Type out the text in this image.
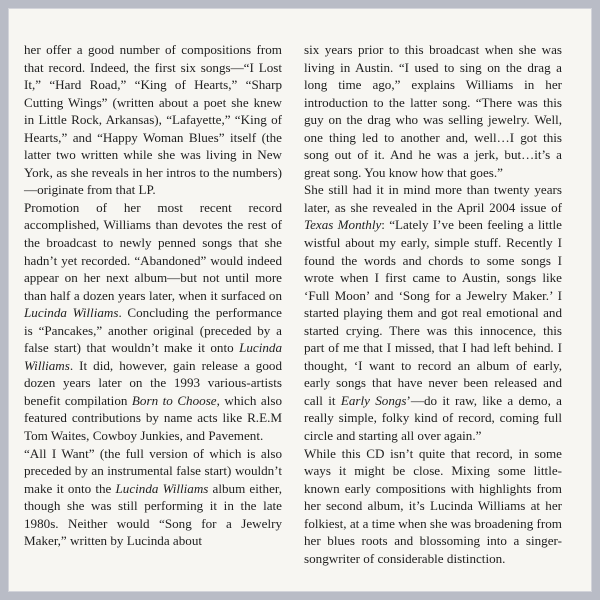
her offer a good number of compositions from that record. Indeed, the first six songs—“I Lost It,” “Hard Road,” “King of Hearts,” “Sharp Cutting Wings” (written about a poet she knew in Little Rock, Arkansas), “Lafayette,” “King of Hearts,” and “Happy Woman Blues” itself (the latter two written while she was living in New York, as she reveals in her intros to the numbers)—originate from that LP.

Promotion of her most recent record accomplished, Williams than devotes the rest of the broadcast to newly penned songs that she hadn’t yet recorded. “Abandoned” would indeed appear on her next album—but not until more than half a dozen years later, when it surfaced on Lucinda Williams. Concluding the performance is “Pancakes,” another original (preceded by a false start) that wouldn’t make it onto Lucinda Williams. It did, however, gain release a good dozen years later on the 1993 various-artists benefit compilation Born to Choose, which also featured contributions by name acts like R.E.M Tom Waites, Cowboy Junkies, and Pavement.

“All I Want” (the full version of which is also preceded by an instrumental false start) wouldn’t make it onto the Lucinda Williams album either, though she was still performing it in the late 1980s. Neither would “Song for a Jewelry Maker,” written by Lucinda about

six years prior to this broadcast when she was living in Austin. “I used to sing on the drag a long time ago,” explains Williams in her introduction to the latter song. “There was this guy on the drag who was selling jewelry. Well, one thing led to another and, well…I got this song out of it. And he was a jerk, but…it’s a great song. You know how that goes.”

She still had it in mind more than twenty years later, as she revealed in the April 2004 issue of Texas Monthly: “Lately I’ve been feeling a little wistful about my early, simple stuff. Recently I found the words and chords to some songs I wrote when I first came to Austin, songs like ‘Full Moon’ and ‘Song for a Jewelry Maker.’ I started playing them and got real emotional and started crying. There was this innocence, this part of me that I missed, that I had left behind. I thought, ‘I want to record an album of early, early songs that have never been released and call it Early Songs’—do it raw, like a demo, a really simple, folky kind of record, coming full circle and starting all over again.”

While this CD isn’t quite that record, in some ways it might be close. Mixing some little-known early compositions with highlights from her second album, it’s Lucinda Williams at her folkiest, at a time when she was broadening from her blues roots and blossoming into a singer-songwriter of considerable distinction.
